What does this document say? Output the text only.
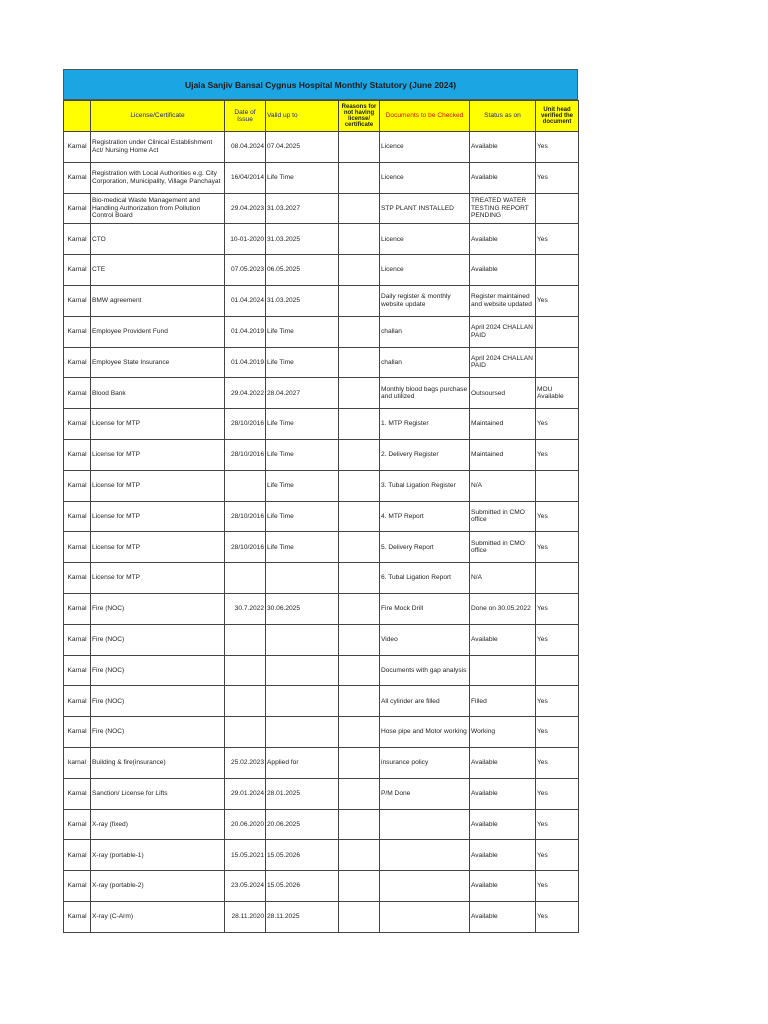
Ujala Sanjiv Bansal Cygnus Hospital Monthly Statutory (June 2024)
	License/Certificate	Date of Issue	Valid up to	Reasons for not having license/ certificate	Documents to be Checked	Status as on	Unit head verified the document
Karnal	Registration under Clinical Establishment Act/ Nursing Home Act	08.04.2024	07.04.2025		Licence	Available	Yes
Karnal	Registration with Local Authorities e.g. City Corporation, Municipality, Village Panchayat	16/04/2014	Life Time		Licence	Available	Yes
Karnal	Bio-medical Waste Management and Handling Authorization from Pollution Control Board	29.04.2023	31.03.2027		STP PLANT INSTALLED	TREATED WATER TESTING REPORT PENDING	
Karnal	CTO	10-01-2020	31.03.2025		Licence	Available	Yes
Karnal	CTE	07.05.2023	06.05.2025		Licence	Available	
Karnal	BMW agreement	01.04.2024	31.03.2025		Daily register & monthly website update	Register maintained and website updated	Yes
Karnal	Employee Provident Fund	01.04.2019	Life Time		challan	April 2024 CHALLAN PAID	
Karnal	Employee State Insurance	01.04.2019	Life Time		challan	April 2024 CHALLAN PAID	
Karnal	Blood Bank	29.04.2022	28.04.2027		Monthly blood bags purchase and utilized	Outsoursed	MOU Available
Karnal	License for MTP	28/10/2016	Life Time		1. MTP Register	Maintained	Yes
Karnal	License for MTP	28/10/2016	Life Time		2. Delivery Register	Maintained	Yes
Karnal	License for MTP		Life Time		3. Tubal Ligation Register	N/A	
Karnal	License for MTP	28/10/2016	Life Time		4. MTP Report	Submitted in CMO office	Yes
Karnal	License for MTP	28/10/2016	Life Time		5. Delivery Report	Submitted in CMO office	Yes
Karnal	License for MTP				6. Tubal Ligation Report	N/A	
Karnal	Fire (NOC)	30.7.2022	30.06.2025		Fire Mock Drill	Done on 30.05.2022	Yes
Karnal	Fire (NOC)				Video	Available	Yes
Karnal	Fire (NOC)				Documents with gap analysis		
Karnal	Fire (NOC)				All cylinder are filled	Filled	Yes
Karnal	Fire (NOC)				Hose pipe and Motor working	Working	Yes
karnal	Building & fire(insurance)	25.02.2023	Applied for		insurance policy	Available	Yes
Karnal	Sanction/ License for Lifts	29.01.2024	28.01.2025		P/M Done	Available	Yes
Karnal	X-ray (fixed)	20.06.2020	20.06.2025			Available	Yes
Karnal	X-ray (portable-1)	15.05.2021	15.05.2026			Available	Yes
Karnal	X-ray (portable-2)	23.05.2024	15.05.2026			Available	Yes
Karnal	X-ray (C-Arm)	28.11.2020	28.11.2025			Available	Yes
